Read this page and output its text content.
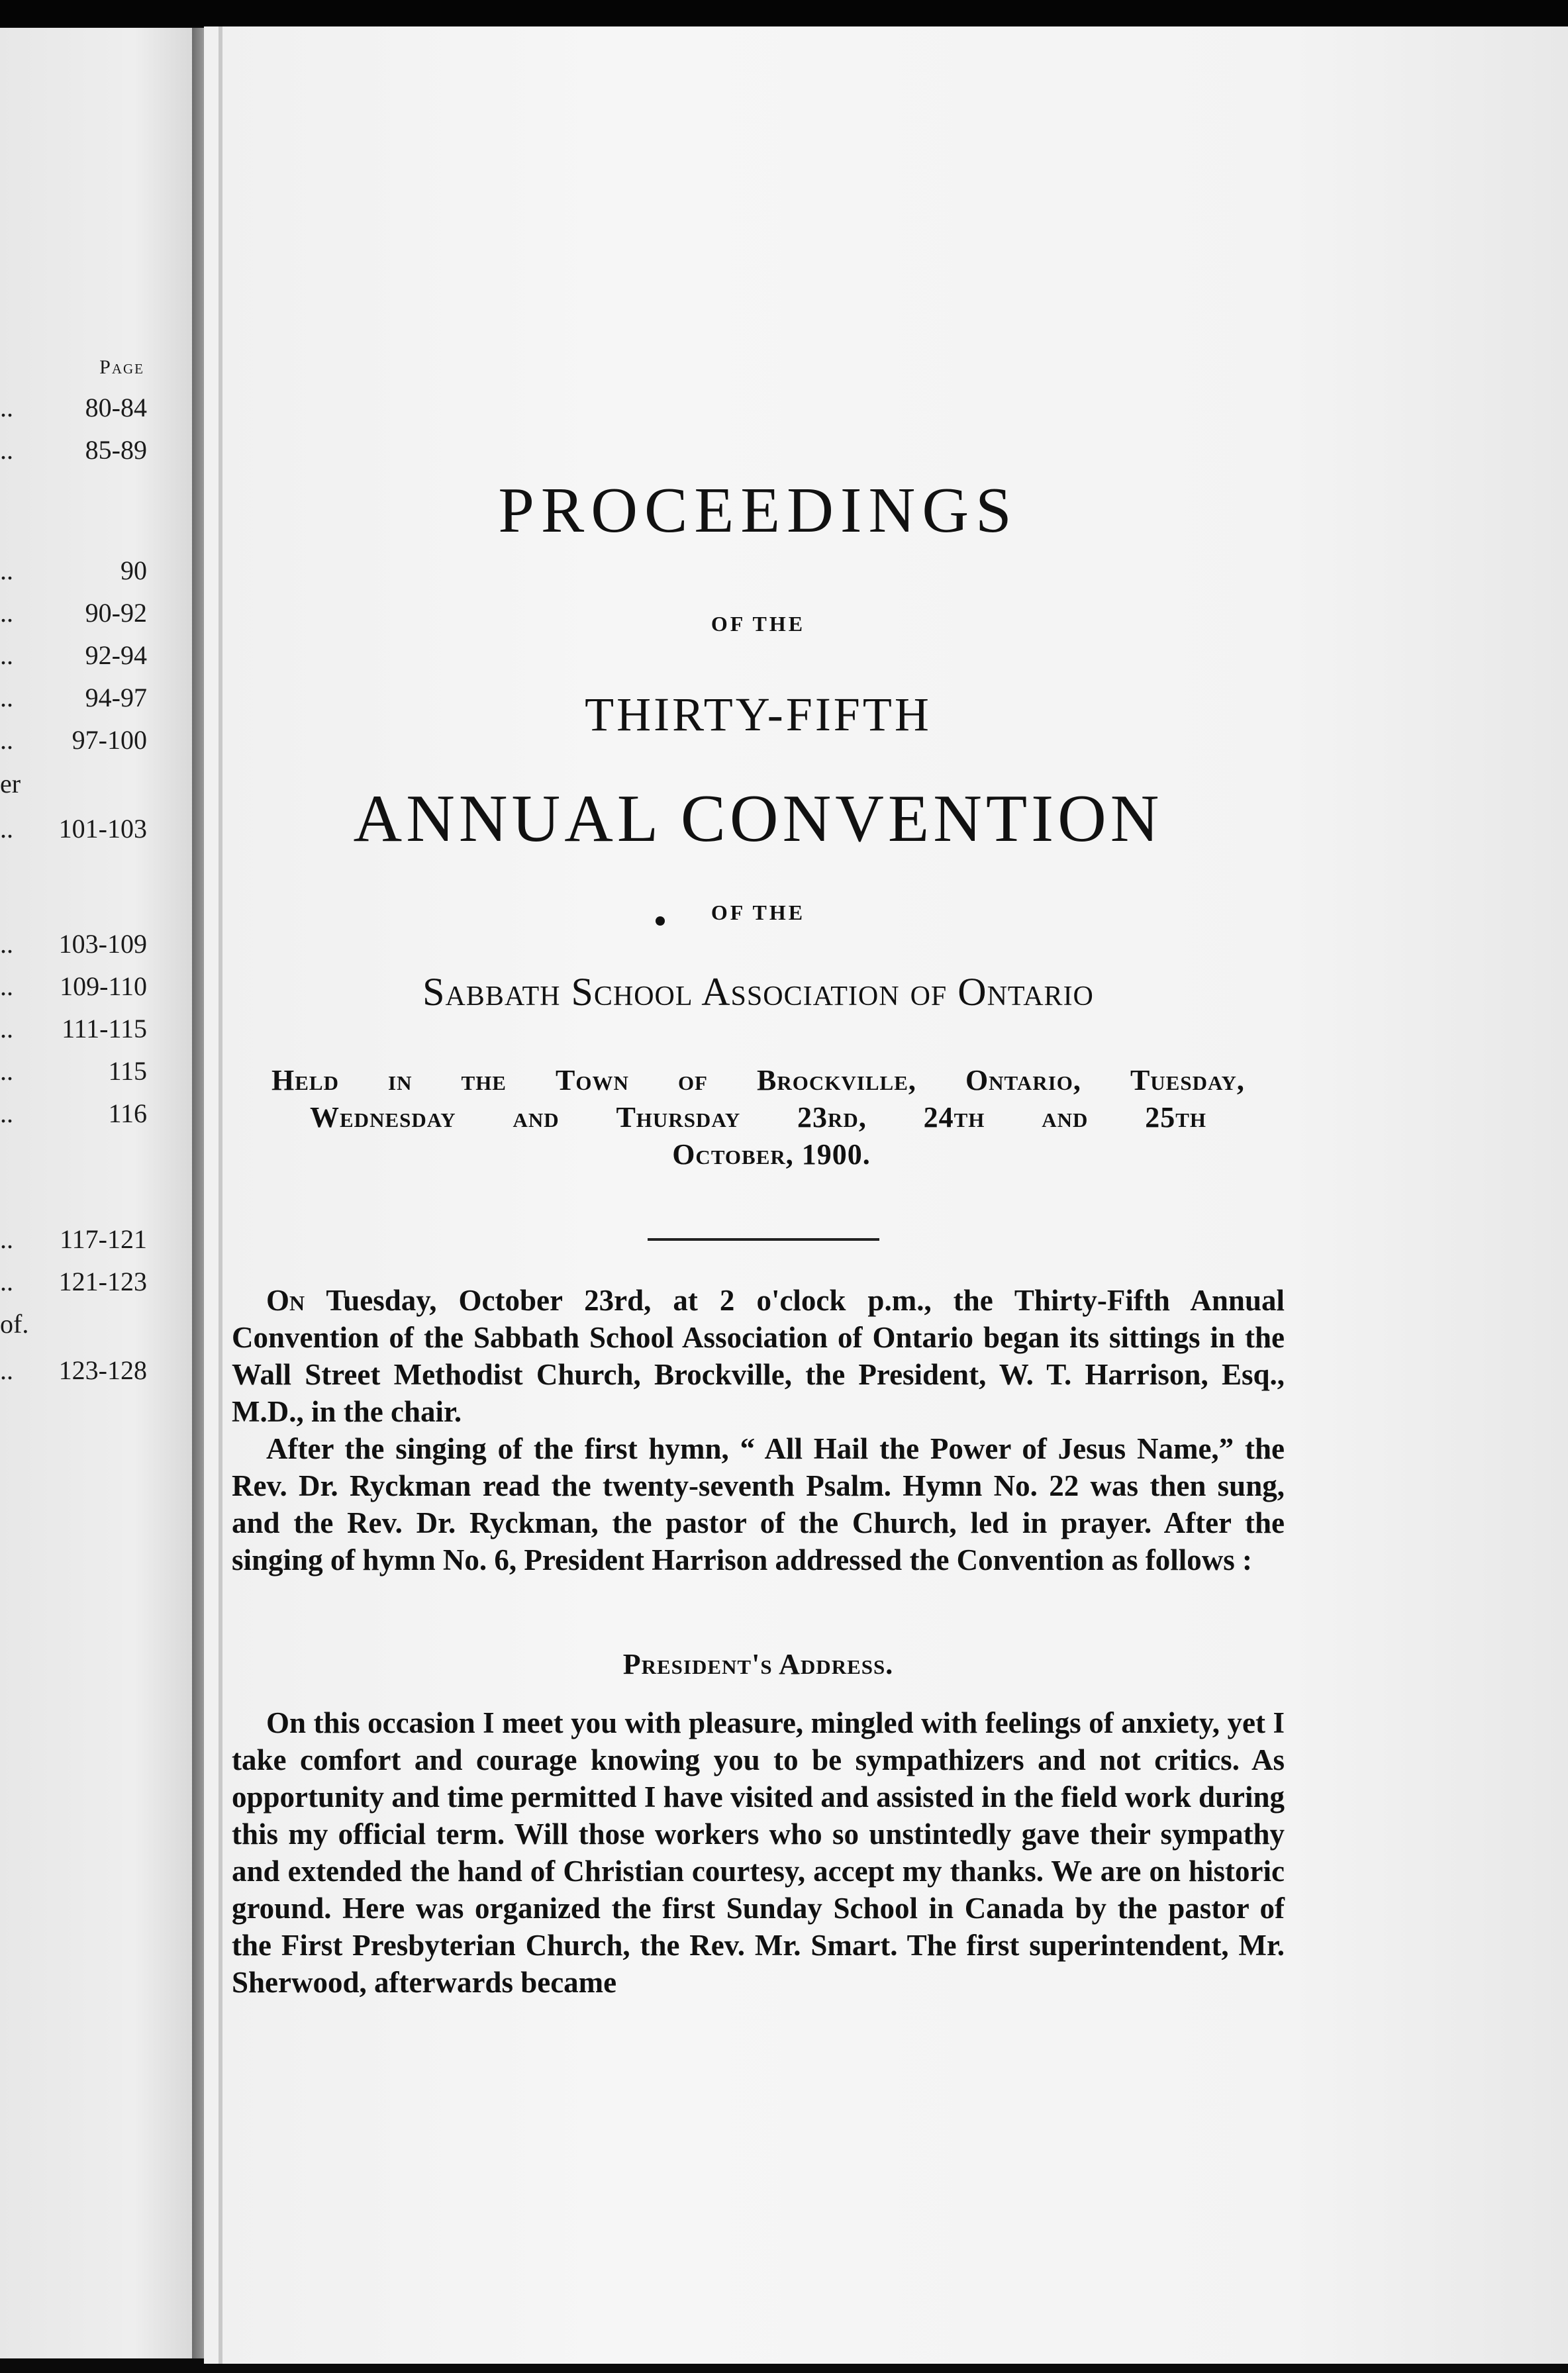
Page
..	80-84
..	85-89
..	90
..	90-92
..	92-94
..	94-97
.. 97-100
er
.. 101-103
.. 103-109
.. 109-110
.. 111-115
..	115
..	116
.. 117-121
.. 121-123
of.
.. 123-128
PROCEEDINGS
OF THE
THIRTY-FIFTH
ANNUAL CONVENTION
OF THE
Sabbath School Association of Ontario
Held in the Town of Brockville, Ontario, Tuesday,
Wednesday and Thursday 23rd, 24th and 25th
October, 1900.

On Tuesday, October 23rd, at 2 o'clock p.m., the Thirty-Fifth Annual Convention of the Sabbath School Association of Ontario began its sittings in the Wall Street Methodist Church, Brockville, the President, W. T. Harrison, Esq., M.D., in the chair.

After the singing of the first hymn, “ All Hail the Power of Jesus Name,” the Rev. Dr. Ryckman read the twenty-seventh Psalm. Hymn No. 22 was then sung, and the Rev. Dr. Ryckman, the pastor of the Church, led in prayer. After the singing of hymn No. 6, President Harrison addressed the Convention as follows :

President's Address.

On this occasion I meet you with pleasure, mingled with feelings of anxiety, yet I take comfort and courage knowing you to be sympathizers and not critics. As opportunity and time permitted I have visited and assisted in the field work during this my official term. Will those workers who so unstintedly gave their sympathy and extended the hand of Christian courtesy, accept my thanks. We are on historic ground. Here was organized the first Sunday School in Canada by the pastor of the First Presbyterian Church, the Rev. Mr. Smart. The first superintendent, Mr. Sherwood, afterwards became
